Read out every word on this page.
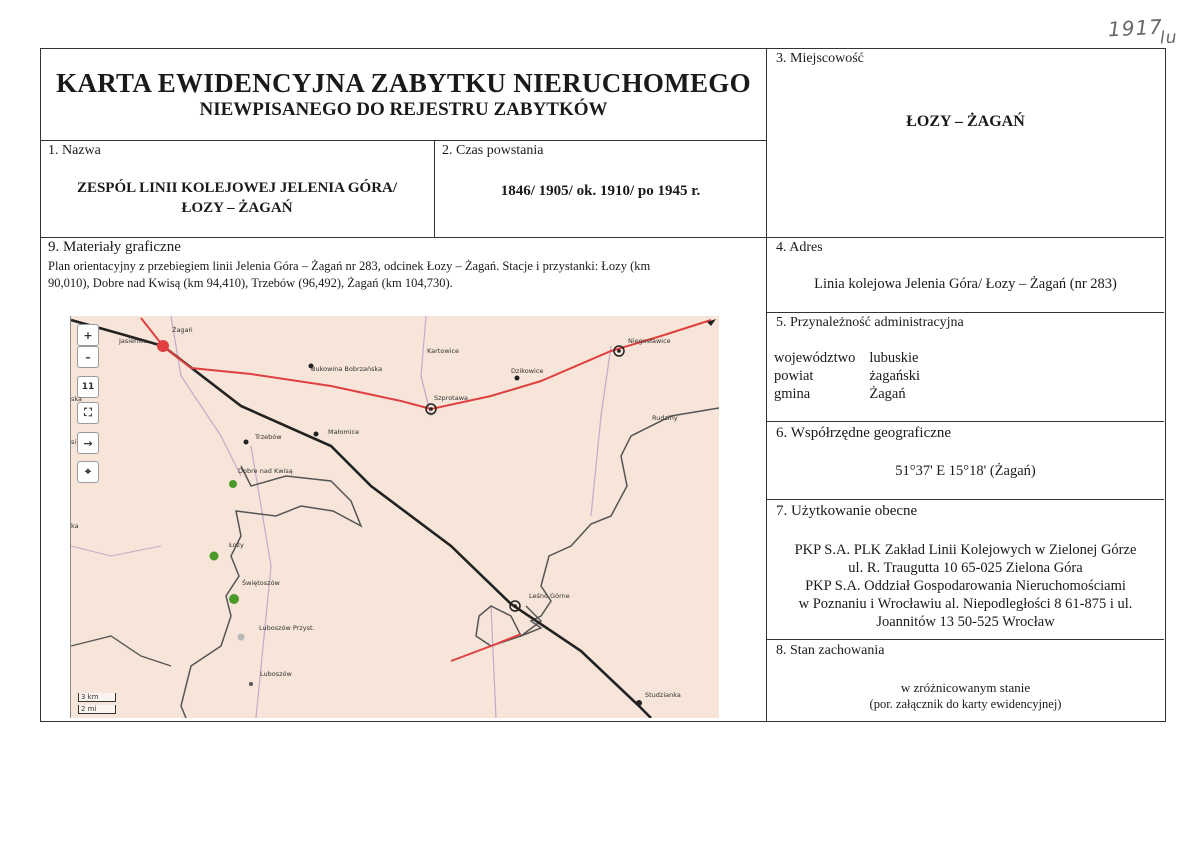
1917
lu
KARTA EWIDENCYJNA ZABYTKU NIERUCHOMEGO
NIEWPISANEGO DO REJESTRU ZABYTKÓW
1. Nazwa
ZESPÓL LINII KOLEJOWEJ JELENIA GÓRA/
ŁOZY – ŻAGAŃ
2. Czas powstania
1846/ 1905/ ok. 1910/ po 1945 r.
3. Miejscowość
ŁOZY – ŻAGAŃ
4. Adres
Linia kolejowa Jelenia Góra/ Łozy – Żagań (nr 283)
5. Przynależność administracyjna
województwo	lubuskie
powiat	żagański
gmina	Żagań
6. Współrzędne geograficzne
51°37' E 15°18' (Żagań)
7. Użytkowanie obecne
PKP S.A. PLK Zakład Linii Kolejowych w Zielonej Górze
ul. R. Traugutta 10 65-025 Zielona Góra
PKP S.A. Oddział Gospodarowania Nieruchomościami
w Poznaniu i Wrocławiu al. Niepodległości 8 61-875 i ul.
Joannitów 13 50-525 Wrocław
8. Stan zachowania
w zróżnicowanym stanie
(por. załącznik do karty ewidencyjnej)
9. Materiały graficzne
Plan orientacyjny z przebiegiem linii Jelenia Góra – Żagań nr 283, odcinek Łozy – Żagań. Stacje i przystanki: Łozy (km
90,010), Dobre nad Kwisą (km 94,410), Trzebów (96,492), Żagań (km 104,730).
+
–
11
⛶
→
⌖
Żagań
Jasienica
Bukowina Bobrzańska
Kartowice
Niegosławice
Dzikowice
Szprotawa
Rudziny
Trzebów
Małomice
Dobre nad Kwisą
Łozy
Świętoszów
Leśno Górne
Luboszów Przyst.
Luboszów
Studzianka
ska
ka
si
3 km
2 mi
